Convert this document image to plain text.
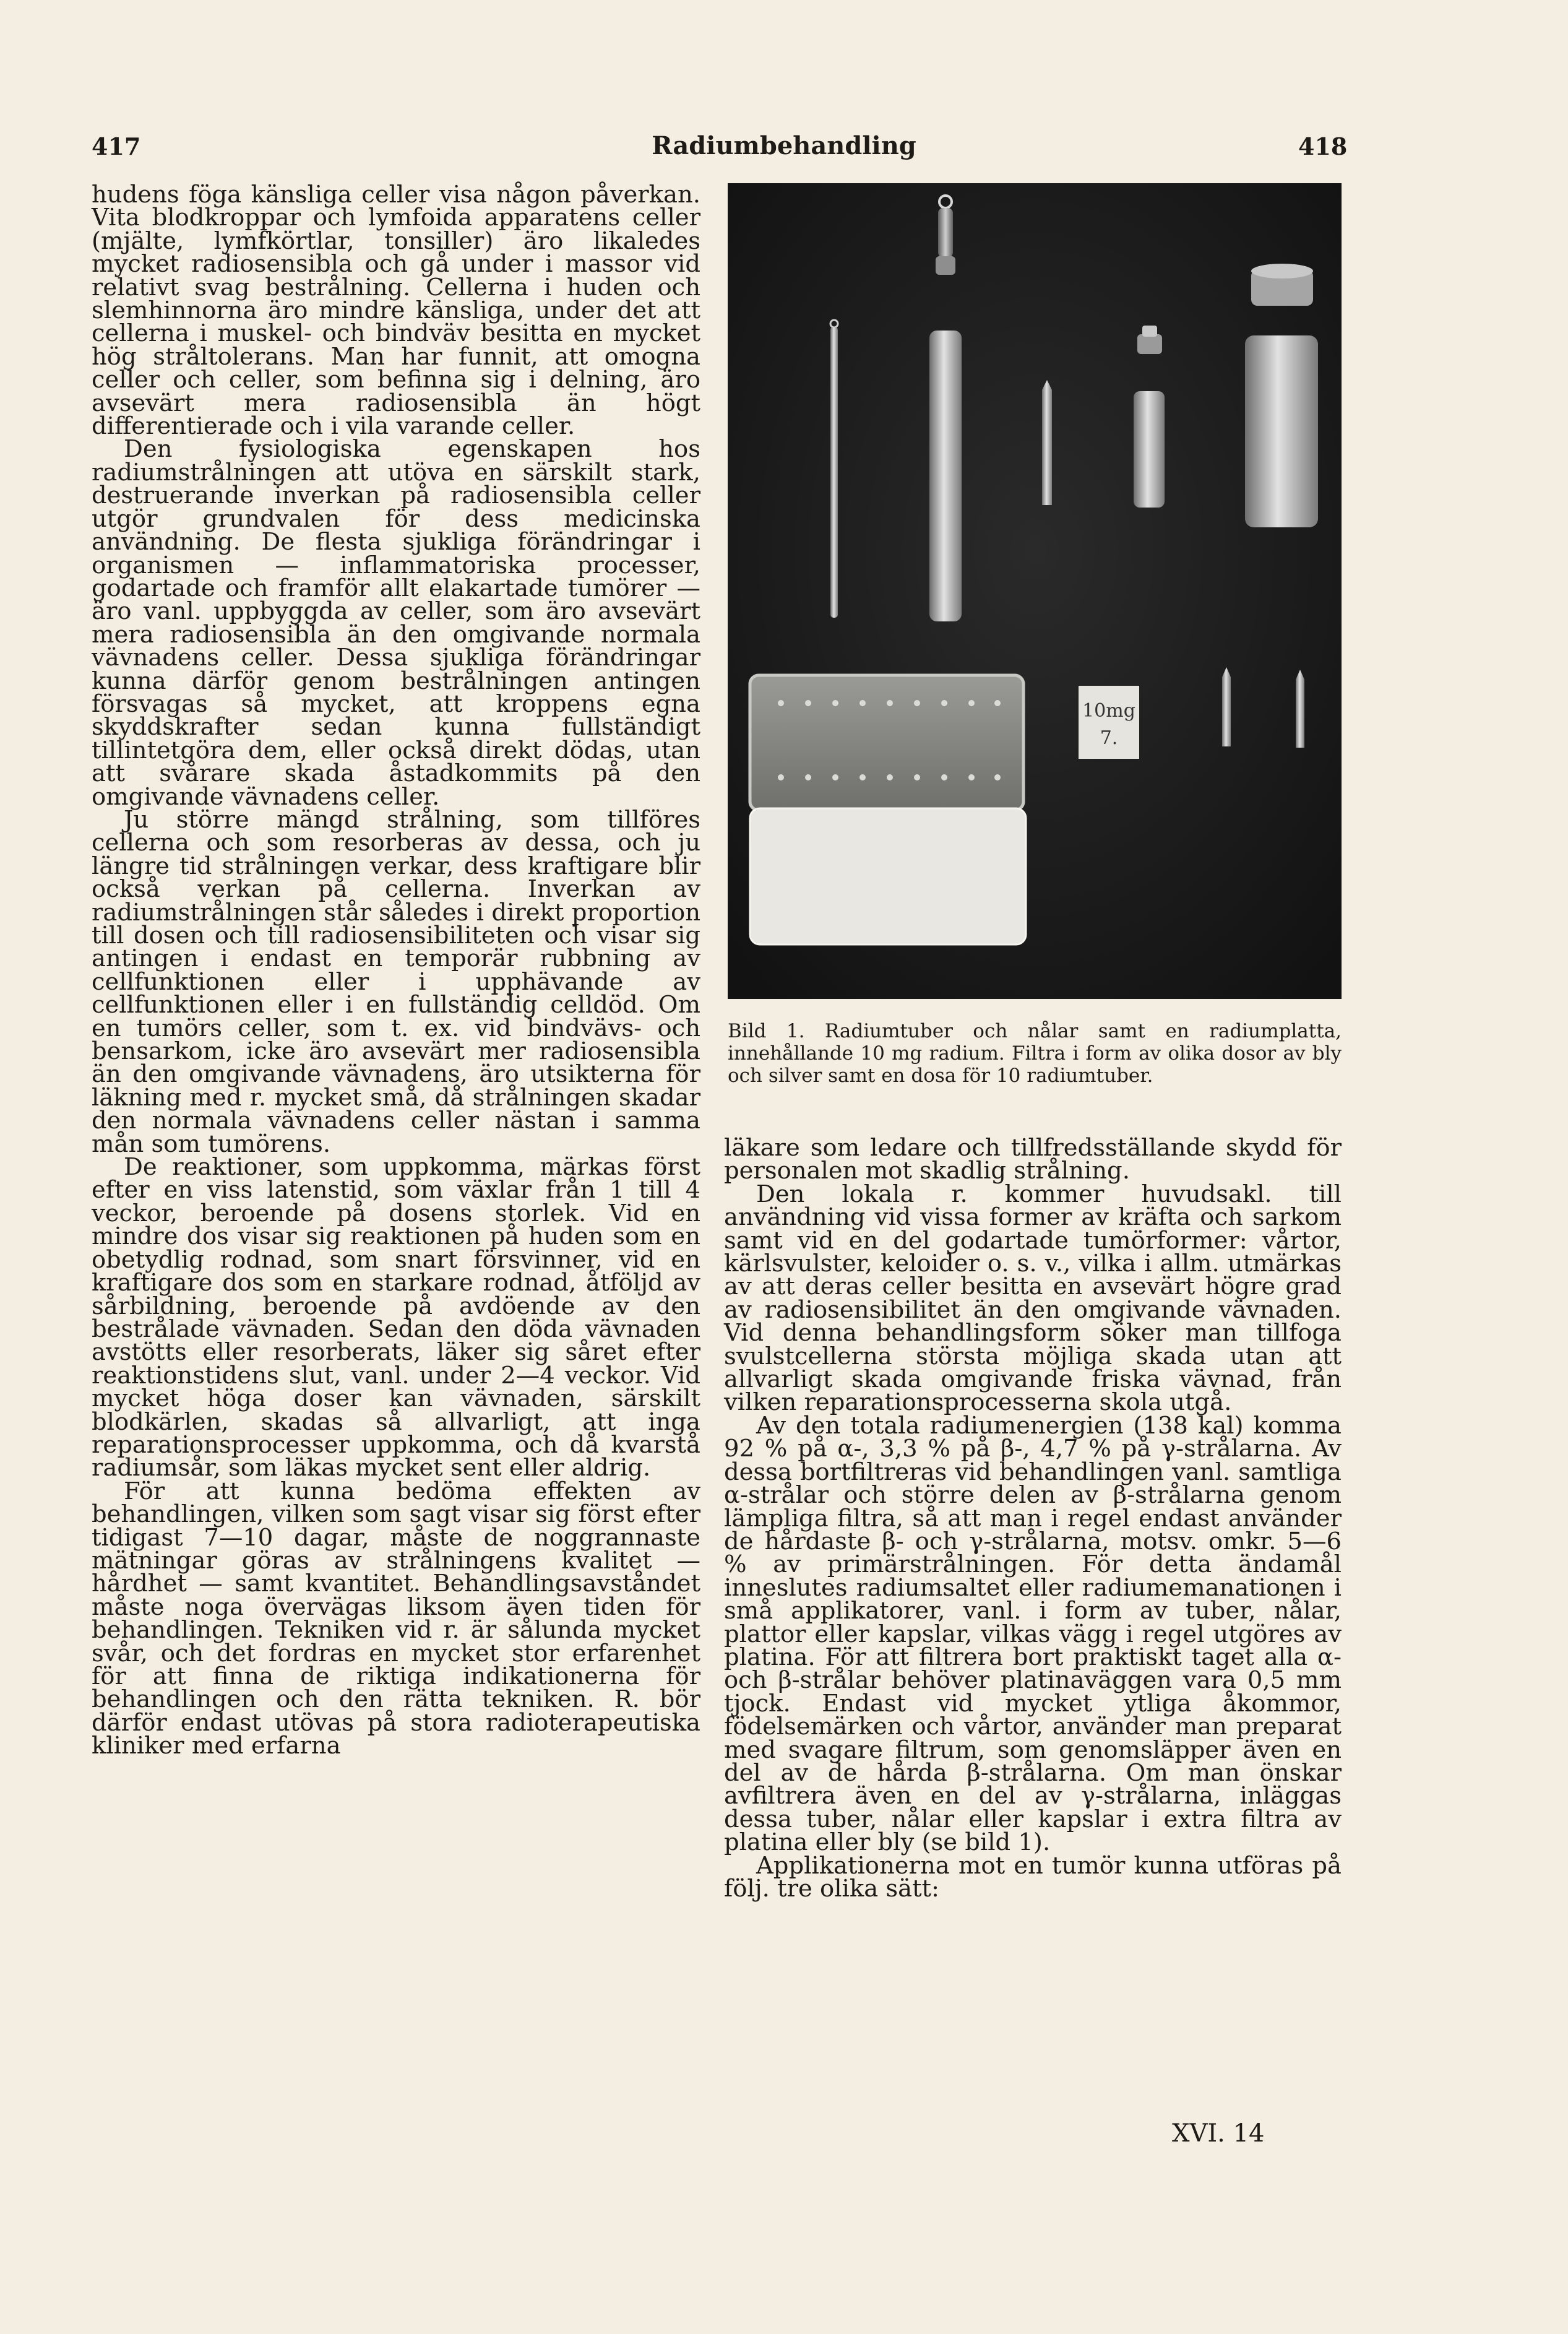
417	Radiumbehandling	418

hudens föga känsliga celler visa någon påverkan. Vita blodkroppar och lymfoida apparatens celler (mjälte, lymfkörtlar, tonsiller) äro likaledes mycket radiosensibla och gå under i massor vid relativt svag bestrålning. Cellerna i huden och slemhinnorna äro mindre känsliga, under det att cellerna i muskel- och bindväv besitta en mycket hög stråltolerans. Man har funnit, att omogna celler och celler, som befinna sig i delning, äro avsevärt mera radiosensibla än högt differentierade och i vila varande celler.

Den fysiologiska egenskapen hos radiumstrålningen att utöva en särskilt stark, destruerande inverkan på radiosensibla celler utgör grundvalen för dess medicinska användning. De flesta sjukliga förändringar i organismen — inflammatoriska processer, godartade och framför allt elakartade tumörer — äro vanl. uppbyggda av celler, som äro avsevärt mera radiosensibla än den omgivande normala vävnadens celler. Dessa sjukliga förändringar kunna därför genom bestrålningen antingen försvagas så mycket, att kroppens egna skyddskrafter sedan kunna fullständigt tillintetgöra dem, eller också direkt dödas, utan att svårare skada åstadkommits på den omgivande vävnadens celler.

Ju större mängd strålning, som tillföres cellerna och som resorberas av dessa, och ju längre tid strålningen verkar, dess kraftigare blir också verkan på cellerna. Inverkan av radiumstrålningen står således i direkt proportion till dosen och till radiosensibiliteten och visar sig antingen i endast en temporär rubbning av cellfunktionen eller i upphävande av cellfunktionen eller i en fullständig celldöd. Om en tumörs celler, som t. ex. vid bindvävs- och bensarkom, icke äro avsevärt mer radiosensibla än den omgivande vävnadens, äro utsikterna för läkning med r. mycket små, då strålningen skadar den normala vävnadens celler nästan i samma mån som tumörens.

De reaktioner, som uppkomma, märkas först efter en viss latenstid, som växlar från 1 till 4 veckor, beroende på dosens storlek. Vid en mindre dos visar sig reaktionen på huden som en obetydlig rodnad, som snart försvinner, vid en kraftigare dos som en starkare rodnad, åtföljd av sårbildning, beroende på avdöende av den bestrålade vävnaden. Sedan den döda vävnaden avstötts eller resorberats, läker sig såret efter reaktionstidens slut, vanl. under 2—4 veckor. Vid mycket höga doser kan vävnaden, särskilt blodkärlen, skadas så allvarligt, att inga reparationsprocesser uppkomma, och då kvarstå radiumsår, som läkas mycket sent eller aldrig.

För att kunna bedöma effekten av behandlingen, vilken som sagt visar sig först efter tidigast 7—10 dagar, måste de noggrannaste mätningar göras av strålningens kvalitet — hårdhet — samt kvantitet. Behandlingsavståndet måste noga övervägas liksom även tiden för behandlingen. Tekniken vid r. är sålunda mycket svår, och det fordras en mycket stor erfarenhet för att finna de riktiga indikationerna för behandlingen och den rätta tekniken. R. bör därför endast utövas på stora radioterapeutiska kliniker med erfarna

10mg
7.
Bild 1. Radiumtuber och nålar samt en radiumplatta, innehållande 10 mg radium. Filtra i form av olika dosor av bly och silver samt en dosa för 10 radiumtuber.

läkare som ledare och tillfredsställande skydd för personalen mot skadlig strålning.

Den lokala r. kommer huvudsakl. till användning vid vissa former av kräfta och sarkom samt vid en del godartade tumörformer: vårtor, kärlsvulster, keloider o. s. v., vilka i allm. utmärkas av att deras celler besitta en avsevärt högre grad av radiosensibilitet än den omgivande vävnaden. Vid denna behandlingsform söker man tillfoga svulstcellerna största möjliga skada utan att allvarligt skada omgivande friska vävnad, från vilken reparationsprocesserna skola utgå.

Av den totala radiumenergien (138 kal) komma 92 % på α-, 3,3 % på β-, 4,7 % på γ-strålarna. Av dessa bortfiltreras vid behandlingen vanl. samtliga α-strålar och större delen av β-strålarna genom lämpliga filtra, så att man i regel endast använder de hårdaste β- och γ-strålarna, motsv. omkr. 5—6 % av primärstrålningen. För detta ändamål inneslutes radiumsaltet eller radiumemanationen i små applikatorer, vanl. i form av tuber, nålar, plattor eller kapslar, vilkas vägg i regel utgöres av platina. För att filtrera bort praktiskt taget alla α- och β-strålar behöver platinaväggen vara 0,5 mm tjock. Endast vid mycket ytliga åkommor, födelsemärken och vårtor, använder man preparat med svagare filtrum, som genomsläpper även en del av de hårda β-strålarna. Om man önskar avfiltrera även en del av γ-strålarna, inläggas dessa tuber, nålar eller kapslar i extra filtra av platina eller bly (se bild 1).

Applikationerna mot en tumör kunna utföras på följ. tre olika sätt:

XVI. 14
